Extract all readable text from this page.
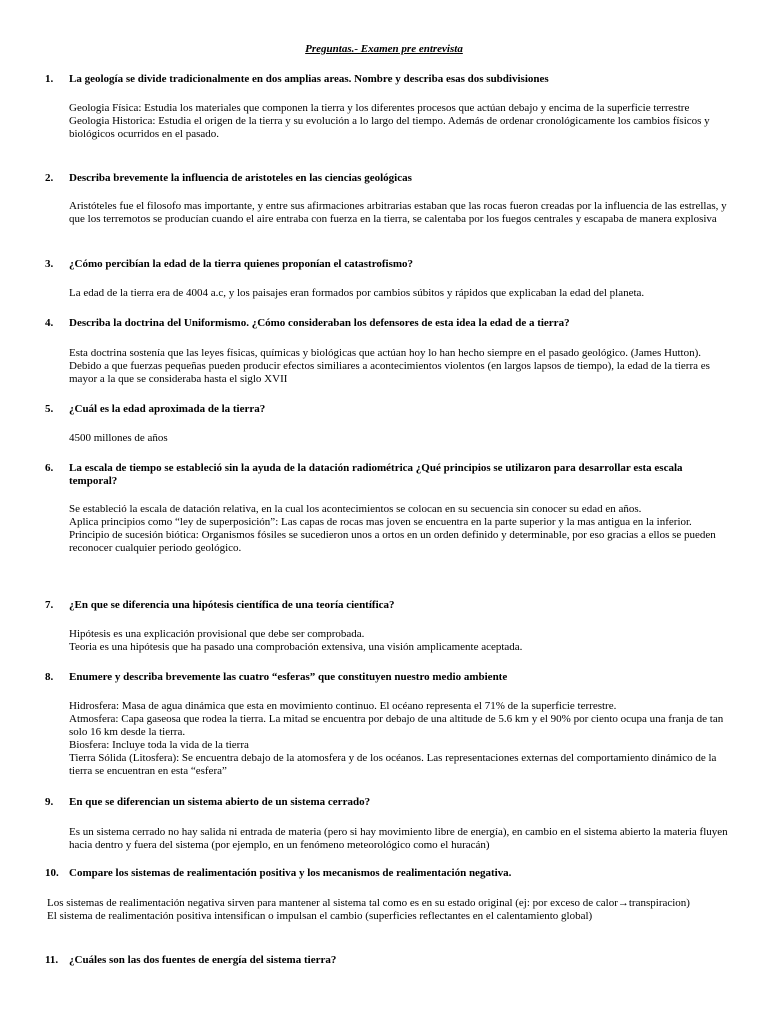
Preguntas.- Examen pre entrevista
1. La geología se divide tradicionalmente en dos amplias areas. Nombre y describa esas dos subdivisiones

Geologia Física: Estudia los materiales que componen la tierra y los diferentes procesos que actúan debajo y encima de la superficie terrestre

Geologia Historica: Estudia el origen de la tierra y su evolución a lo largo del tiempo. Además de ordenar cronológicamente los cambios físicos y biológicos ocurridos en el pasado.

2. Describa brevemente la influencia de aristoteles en las ciencias geológicas

Aristóteles fue el filosofo mas importante, y entre sus afirmaciones arbitrarias estaban que las rocas fueron creadas por la influencia de las estrellas, y que los terremotos se producían cuando el aire entraba con fuerza en la tierra, se calentaba por los fuegos centrales y escapaba de manera explosiva

3. ¿Cómo percibían la edad de la tierra quienes proponían el catastrofismo?

La edad de la tierra era de 4004 a.c, y los paisajes eran formados por cambios súbitos y rápidos que explicaban la edad del planeta.

4. Describa la doctrina del Uniformismo. ¿Cómo consideraban los defensores de esta idea la edad de a tierra?

Esta doctrina sostenía que las leyes físicas, químicas y biológicas que actúan hoy lo han hecho siempre en el pasado geológico. (James Hutton). Debido a que fuerzas pequeñas pueden producir efectos similiares a acontecimientos violentos (en largos lapsos de tiempo), la edad de la tierra es mayor a la que se consideraba hasta el siglo XVII

5. ¿Cuál es la edad aproximada de la tierra?

4500 millones de años

6. La escala de tiempo se estableció sin la ayuda de la datación radiométrica ¿Qué principios se utilizaron para desarrollar esta escala temporal?

Se estableció la escala de datación relativa, en la cual los acontecimientos se colocan en su secuencia sin conocer su edad en años.

Aplica principios como “ley de superposición”: Las capas de rocas mas joven se encuentra en la parte superior y la mas antigua en la inferior.

Principio de sucesión biótica: Organismos fósiles se sucedieron unos a ortos en un orden definido y determinable, por eso gracias a ellos se pueden reconocer cualquier periodo geológico.

7. ¿En que se diferencia una hipótesis científica de una teoría científica?

Hipótesis es una explicación provisional que debe ser comprobada.

Teoria es una hipótesis que ha pasado una comprobación extensiva, una visión amplicamente aceptada.

8. Enumere y describa brevemente las cuatro “esferas” que constituyen nuestro medio ambiente

Hidrosfera: Masa de agua dinámica que esta en movimiento continuo. El océano representa el 71% de la superficie terrestre.

Atmosfera: Capa gaseosa que rodea la tierra. La mitad se encuentra por debajo de una altitude de 5.6 km y el 90% por ciento ocupa una franja de tan solo 16 km desde la tierra.

Biosfera: Incluye toda la vida de la tierra

Tierra Sólida (Litosfera): Se encuentra debajo de la atomosfera y de los océanos. Las representaciones externas del comportamiento dinámico de la tierra se encuentran en esta “esfera”

9. En que se diferencian un sistema abierto de un sistema cerrado?

Es un sistema cerrado no hay salida ni entrada de materia (pero si hay movimiento libre de energía), en cambio en el sistema abierto la materia fluyen hacia dentro y fuera del sistema (por ejemplo, en un fenómeno meteorológico como el huracán)

10. Compare los sistemas de realimentación positiva y los mecanismos de realimentación negativa.

Los sistemas de realimentación negativa sirven para mantener al sistema tal como es en su estado original (ej: por exceso de calor→transpiracion)

El sistema de realimentación positiva intensifican o impulsan el cambio (superficies reflectantes en el calentamiento global)

11. ¿Cuáles son las dos fuentes de energía del sistema tierra?
